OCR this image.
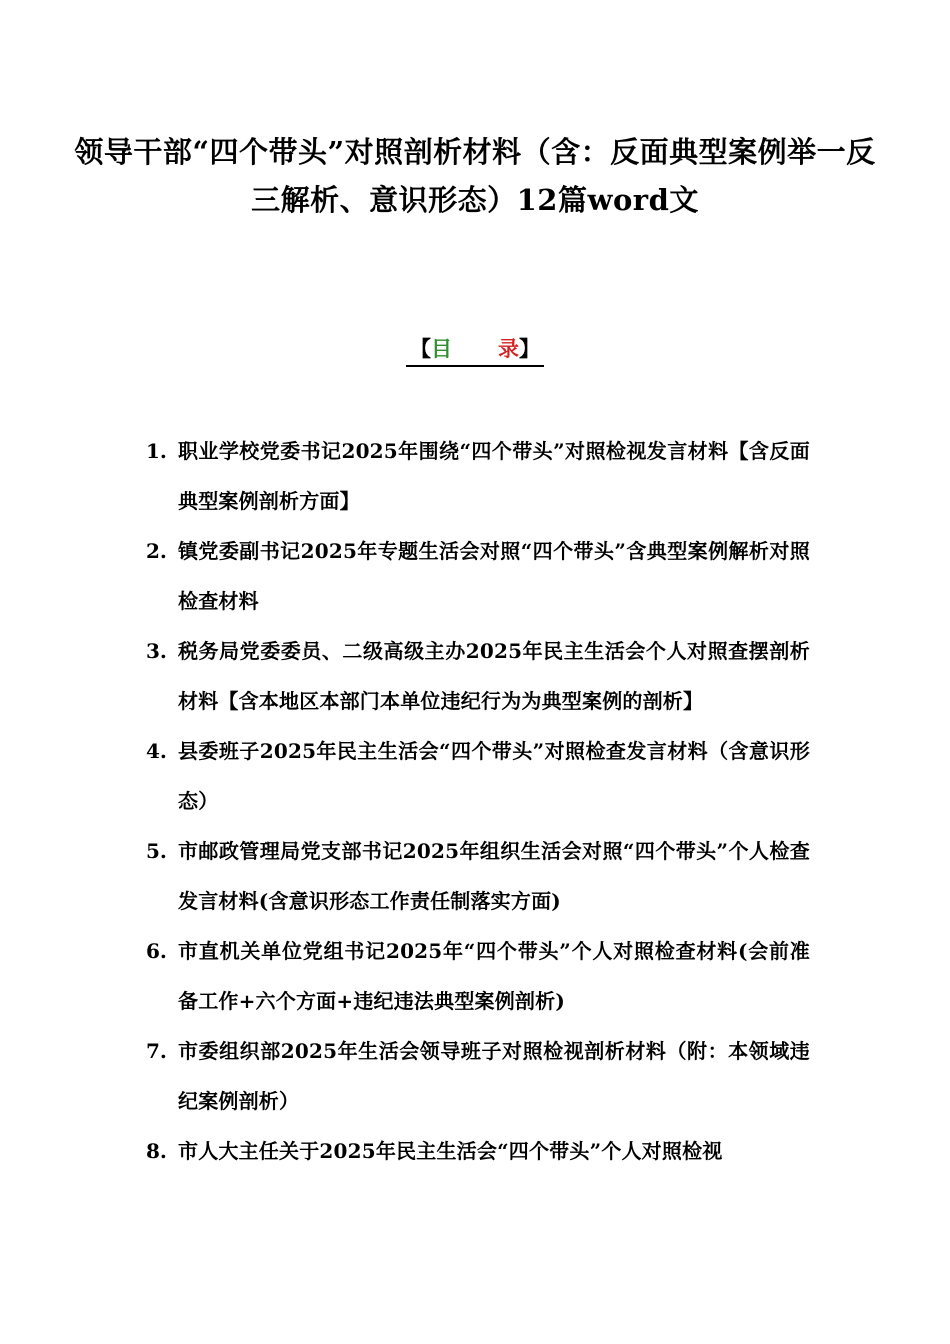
领导干部“四个带头”对照剖析材料（含：反面典型案例举一反三解析、意识形态）12篇word文
【目 录】
1. 职业学校党委书记2025年围绕“四个带头”对照检视发言材料【含反面典型案例剖析方面】
2. 镇党委副书记2025年专题生活会对照“四个带头”含典型案例解析对照检查材料
3. 税务局党委委员、二级高级主办2025年民主生活会个人对照查摆剖析材料【含本地区本部门本单位违纪行为为典型案例的剖析】
4. 县委班子2025年民主生活会“四个带头”对照检查发言材料（含意识形态）
5. 市邮政管理局党支部书记2025年组织生活会对照“四个带头”个人检查发言材料(含意识形态工作责任制落实方面)
6. 市直机关单位党组书记2025年“四个带头”个人对照检查材料(会前准备工作+六个方面+违纪违法典型案例剖析)
7. 市委组织部2025年生活会领导班子对照检视剖析材料（附：本领域违纪案例剖析）
8. 市人大主任关于2025年民主生活会“四个带头”个人对照检视
